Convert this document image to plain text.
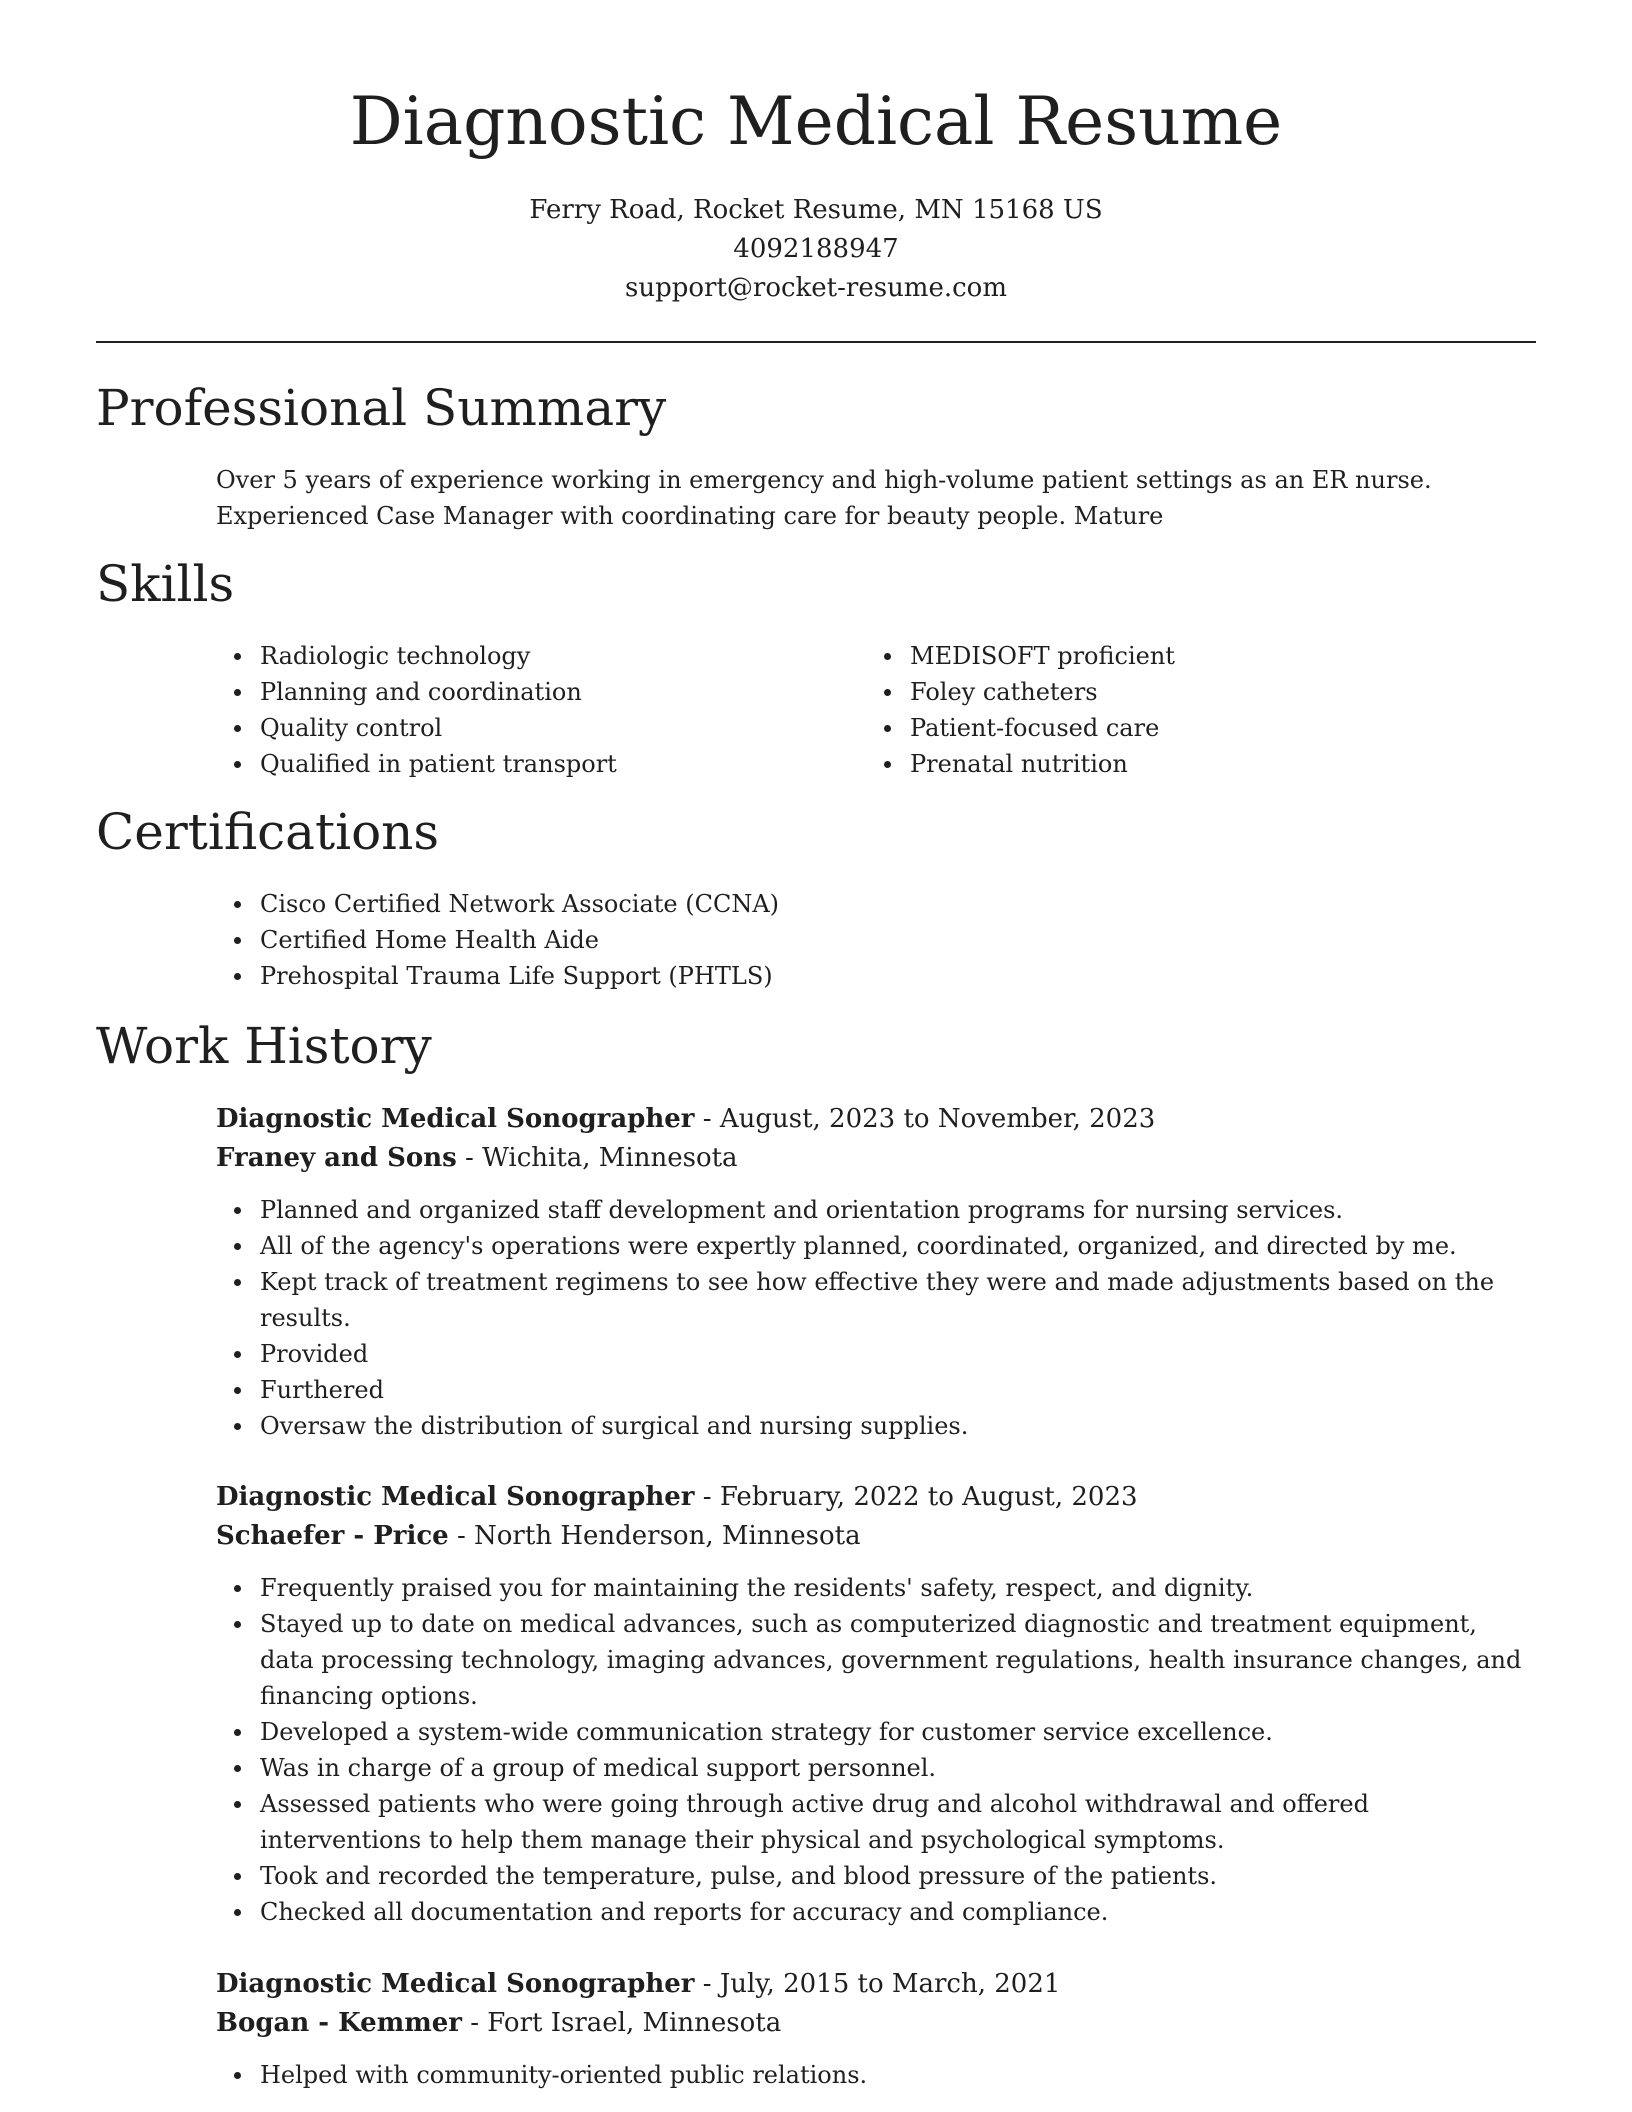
Diagnostic Medical Resume
Ferry Road, Rocket Resume, MN 15168 US
4092188947
support@rocket-resume.com
Professional Summary

Over 5 years of experience working in emergency and high-volume patient settings as an ER nurse. Experienced Case Manager with coordinating care for beauty people. Mature

Skills
Radiologic technology
Planning and coordination
Quality control
Qualified in patient transport
MEDISOFT proficient
Foley catheters
Patient-focused care
Prenatal nutrition
Certifications
Cisco Certified Network Associate (CCNA)
Certified Home Health Aide
Prehospital Trauma Life Support (PHTLS)
Work History
Diagnostic Medical Sonographer - August, 2023 to November, 2023
Franey and Sons - Wichita, Minnesota
Planned and organized staff development and orientation programs for nursing services.
All of the agency's operations were expertly planned, coordinated, organized, and directed by me.
Kept track of treatment regimens to see how effective they were and made adjustments based on the results.
Provided
Furthered
Oversaw the distribution of surgical and nursing supplies.
Diagnostic Medical Sonographer - February, 2022 to August, 2023
Schaefer - Price - North Henderson, Minnesota
Frequently praised you for maintaining the residents' safety, respect, and dignity.
Stayed up to date on medical advances, such as computerized diagnostic and treatment equipment, data processing technology, imaging advances, government regulations, health insurance changes, and financing options.
Developed a system-wide communication strategy for customer service excellence.
Was in charge of a group of medical support personnel.
Assessed patients who were going through active drug and alcohol withdrawal and offered interventions to help them manage their physical and psychological symptoms.
Took and recorded the temperature, pulse, and blood pressure of the patients.
Checked all documentation and reports for accuracy and compliance.
Diagnostic Medical Sonographer - July, 2015 to March, 2021
Bogan - Kemmer - Fort Israel, Minnesota
Helped with community-oriented public relations.
